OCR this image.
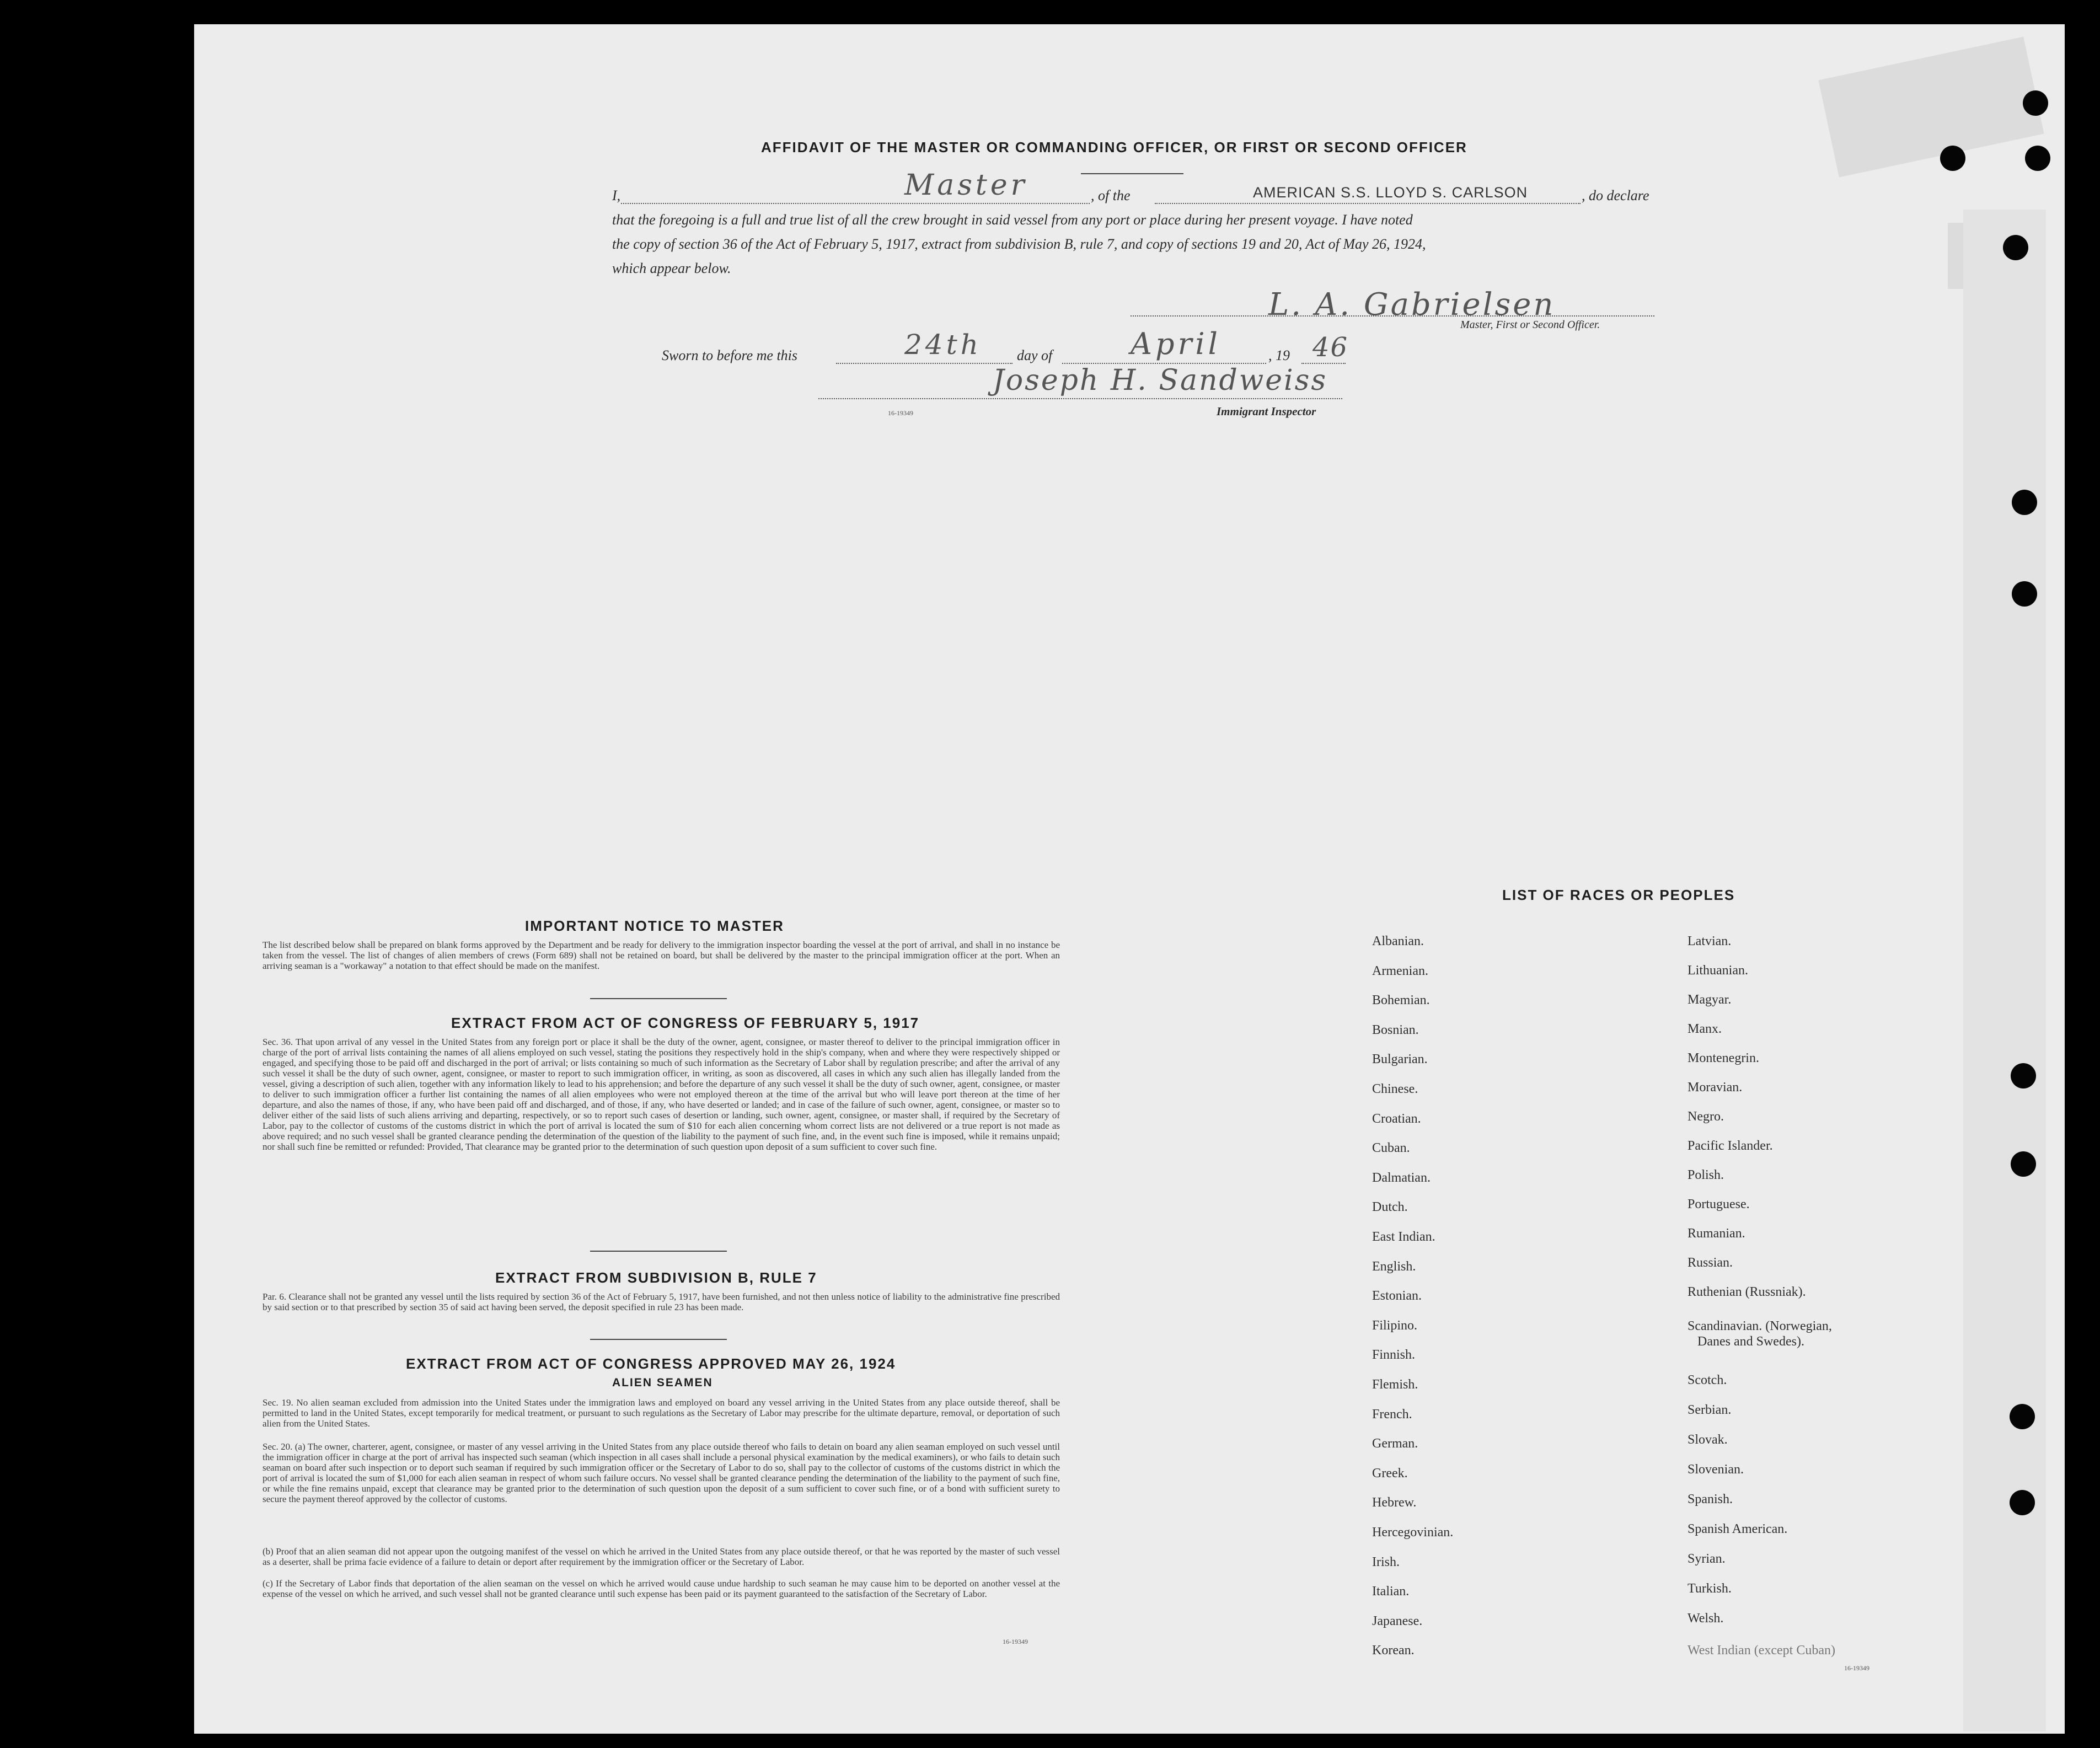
AFFIDAVIT OF THE MASTER OR COMMANDING OFFICER, OR FIRST OR SECOND OFFICER
I,	Master	, of the	AMERICAN S.S. LLOYD S. CARLSON	, do declare
that the foregoing is a full and true list of all the crew brought in said vessel from any port or place during her present voyage. I have noted
the copy of section 36 of the Act of February 5, 1917, extract from subdivision B, rule 7, and copy of sections 19 and 20, Act of May 26, 1924,
which appear below.
L. A. Gabrielsen
Master, First or Second Officer.
Sworn to before me this	24th day of	April	, 19 46
Joseph H. Sandweiss
Immigrant Inspector
16-19349
IMPORTANT NOTICE TO MASTER
The list described below shall be prepared on blank forms approved by the Department and be ready for delivery to the immigration inspector boarding the vessel at the port of arrival, and shall in no instance be taken from the vessel. The list of changes of alien members of crews (Form 689) shall not be retained on board, but shall be delivered by the master to the principal immigration officer at the port. When an arriving seaman is a "workaway" a notation to that effect should be made on the manifest.
EXTRACT FROM ACT OF CONGRESS OF FEBRUARY 5, 1917
Sec. 36. That upon arrival of any vessel in the United States from any foreign port or place it shall be the duty of the owner, agent, consignee, or master thereof to deliver to the principal immigration officer in charge of the port of arrival lists containing the names of all aliens employed on such vessel, stating the positions they respectively hold in the ship's company, when and where they were respectively shipped or engaged, and specifying those to be paid off and discharged in the port of arrival; or lists containing so much of such information as the Secretary of Labor shall by regulation prescribe; and after the arrival of any such vessel it shall be the duty of such owner, agent, consignee, or master to report to such immigration officer, in writing, as soon as discovered, all cases in which any such alien has illegally landed from the vessel, giving a description of such alien, together with any information likely to lead to his apprehension; and before the departure of any such vessel it shall be the duty of such owner, agent, consignee, or master to deliver to such immigration officer a further list containing the names of all alien employees who were not employed thereon at the time of the arrival but who will leave port thereon at the time of her departure, and also the names of those, if any, who have been paid off and discharged, and of those, if any, who have deserted or landed; and in case of the failure of such owner, agent, consignee, or master so to deliver either of the said lists of such aliens arriving and departing, respectively, or so to report such cases of desertion or landing, such owner, agent, consignee, or master shall, if required by the Secretary of Labor, pay to the collector of customs of the customs district in which the port of arrival is located the sum of $10 for each alien concerning whom correct lists are not delivered or a true report is not made as above required; and no such vessel shall be granted clearance pending the determination of the question of the liability to the payment of such fine, and, in the event such fine is imposed, while it remains unpaid; nor shall such fine be remitted or refunded: Provided, That clearance may be granted prior to the determination of such question upon deposit of a sum sufficient to cover such fine.
EXTRACT FROM SUBDIVISION B, RULE 7
Par. 6. Clearance shall not be granted any vessel until the lists required by section 36 of the Act of February 5, 1917, have been furnished, and not then unless notice of liability to the administrative fine prescribed by said section or to that prescribed by section 35 of said act having been served, the deposit specified in rule 23 has been made.
EXTRACT FROM ACT OF CONGRESS APPROVED MAY 26, 1924
ALIEN SEAMEN
Sec. 19. No alien seaman excluded from admission into the United States under the immigration laws and employed on board any vessel arriving in the United States from any place outside thereof, shall be permitted to land in the United States, except temporarily for medical treatment, or pursuant to such regulations as the Secretary of Labor may prescribe for the ultimate departure, removal, or deportation of such alien from the United States.
Sec. 20. (a) The owner, charterer, agent, consignee, or master of any vessel arriving in the United States from any place outside thereof who fails to detain on board any alien seaman employed on such vessel until the immigration officer in charge at the port of arrival has inspected such seaman (which inspection in all cases shall include a personal physical examination by the medical examiners), or who fails to detain such seaman on board after such inspection or to deport such seaman if required by such immigration officer or the Secretary of Labor to do so, shall pay to the collector of customs of the customs district in which the port of arrival is located the sum of $1,000 for each alien seaman in respect of whom such failure occurs. No vessel shall be granted clearance pending the determination of the liability to the payment of such fine, or while the fine remains unpaid, except that clearance may be granted prior to the determination of such question upon the deposit of a sum sufficient to cover such fine, or of a bond with sufficient surety to secure the payment thereof approved by the collector of customs.
(b) Proof that an alien seaman did not appear upon the outgoing manifest of the vessel on which he arrived in the United States from any place outside thereof, or that he was reported by the master of such vessel as a deserter, shall be prima facie evidence of a failure to detain or deport after requirement by the immigration officer or the Secretary of Labor.
(c) If the Secretary of Labor finds that deportation of the alien seaman on the vessel on which he arrived would cause undue hardship to such seaman he may cause him to be deported on another vessel at the expense of the vessel on which he arrived, and such vessel shall not be granted clearance until such expense has been paid or its payment guaranteed to the satisfaction of the Secretary of Labor.
16-19349
LIST OF RACES OR PEOPLES
Albanian.
Armenian.
Bohemian.
Bosnian.
Bulgarian.
Chinese.
Croatian.
Cuban.
Dalmatian.
Dutch.
East Indian.
English.
Estonian.
Filipino.
Finnish.
Flemish.
French.
German.
Greek.
Hebrew.
Hercegovinian.
Irish.
Italian.
Japanese.
Korean.
Latvian.
Lithuanian.
Magyar.
Manx.
Montenegrin.
Moravian.
Negro.
Pacific Islander.
Polish.
Portuguese.
Rumanian.
Russian.
Ruthenian (Russniak).
Scandinavian. (Norwegian,
Scotch.
Serbian.
Slovak.
Slovenian.
Spanish.
Spanish American.
Syrian.
Turkish.
Welsh.
West Indian (except Cuban)
Danes and Swedes).
16-19349
